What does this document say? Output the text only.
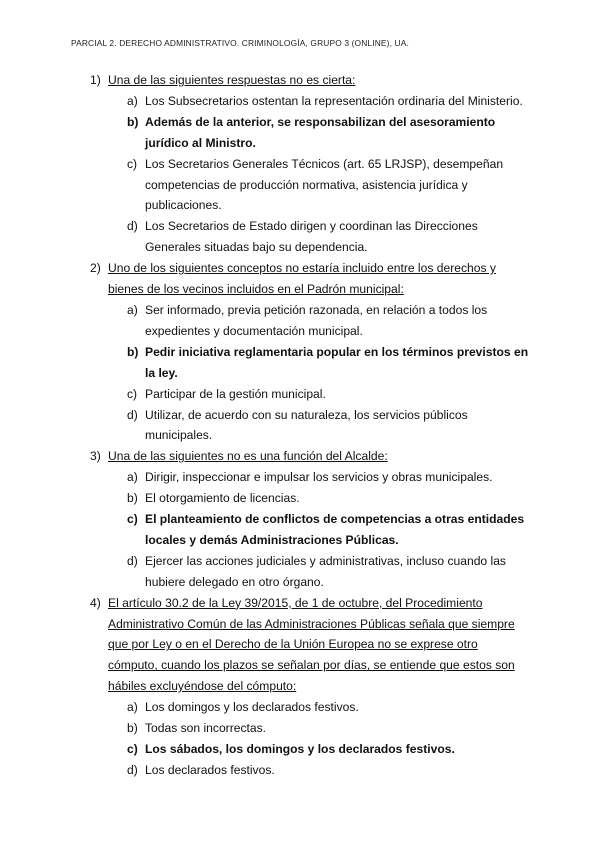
PARCIAL 2. DERECHO ADMINISTRATIVO. CRIMINOLOGÍA, GRUPO 3 (ONLINE), UA.
1) Una de las siguientes respuestas no es cierta:
a) Los Subsecretarios ostentan la representación ordinaria del Ministerio.
b) Además de la anterior, se responsabilizan del asesoramiento jurídico al Ministro.
c) Los Secretarios Generales Técnicos (art. 65 LRJSP), desempeñan competencias de producción normativa, asistencia jurídica y publicaciones.
d) Los Secretarios de Estado dirigen y coordinan las Direcciones Generales situadas bajo su dependencia.
2) Uno de los siguientes conceptos no estaría incluido entre los derechos y bienes de los vecinos incluidos en el Padrón municipal:
a) Ser informado, previa petición razonada, en relación a todos los expedientes y documentación municipal.
b) Pedir iniciativa reglamentaria popular en los términos previstos en la ley.
c) Participar de la gestión municipal.
d) Utilizar, de acuerdo con su naturaleza, los servicios públicos municipales.
3) Una de las siguientes no es una función del Alcalde:
a) Dirigir, inspeccionar e impulsar los servicios y obras municipales.
b) El otorgamiento de licencias.
c) El planteamiento de conflictos de competencias a otras entidades locales y demás Administraciones Públicas.
d) Ejercer las acciones judiciales y administrativas, incluso cuando las hubiere delegado en otro órgano.
4) El artículo 30.2 de la Ley 39/2015, de 1 de octubre, del Procedimiento Administrativo Común de las Administraciones Públicas señala que siempre que por Ley o en el Derecho de la Unión Europea no se exprese otro cómputo, cuando los plazos se señalan por días, se entiende que estos son hábiles excluyéndose del cómputo:
a) Los domingos y los declarados festivos.
b) Todas son incorrectas.
c) Los sábados, los domingos y los declarados festivos.
d) Los declarados festivos.
